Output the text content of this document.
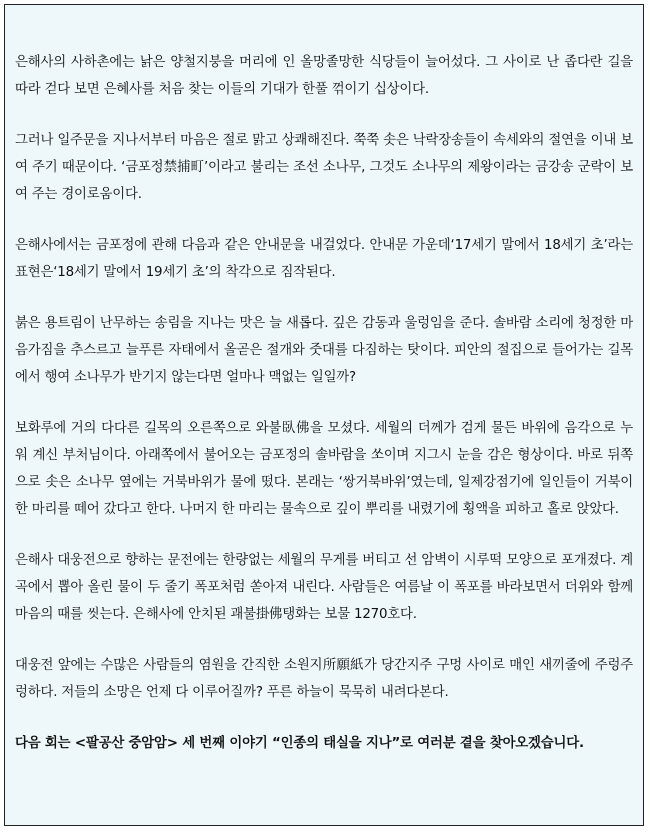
은해사의 사하촌에는 낡은 양철지붕을 머리에 인 올망졸망한 식당들이 늘어섰다. 그 사이로 난 좁다란 길을 따라 걷다 보면 은혜사를 처음 찾는 이들의 기대가 한풀 꺾이기 십상이다.

그러나 일주문을 지나서부터 마음은 절로 맑고 상쾌해진다. 쭉쭉 솟은 낙락장송들이 속세와의 절연을 이내 보여 주기 때문이다. ‘금포정禁捕町’이라고 불리는 조선 소나무, 그것도 소나무의 제왕이라는 금강송 군락이 보여 주는 경이로움이다.

은해사에서는 금포정에 관해 다음과 같은 안내문을 내걸었다. 안내문 가운데‘17세기 말에서 18세기 초’라는 표현은‘18세기 말에서 19세기 초’의 착각으로 짐작된다.

붉은 용트림이 난무하는 송림을 지나는 맛은 늘 새롭다. 깊은 감동과 울렁임을 준다. 솔바람 소리에 청정한 마음가짐을 추스르고 늘푸른 자태에서 올곧은 절개와 줏대를 다짐하는 탓이다. 피안의 절집으로 들어가는 길목에서 행여 소나무가 반기지 않는다면 얼마나 맥없는 일일까?

보화루에 거의 다다른 길목의 오른쪽으로 와불臥佛을 모셨다. 세월의 더께가 검게 물든 바위에 음각으로 누워 계신 부처님이다. 아래쪽에서 불어오는 금포정의 솔바람을 쏘이며 지그시 눈을 감은 형상이다. 바로 뒤쪽으로 솟은 소나무 옆에는 거북바위가 물에 떴다. 본래는 ‘쌍거북바위’였는데, 일제강점기에 일인들이 거북이 한 마리를 떼어 갔다고 한다. 나머지 한 마리는 물속으로 깊이 뿌리를 내렸기에 횡액을 피하고 홀로 앉았다.

은해사 대웅전으로 향하는 문전에는 한량없는 세월의 무게를 버티고 선 암벽이 시루떡 모양으로 포개졌다. 계곡에서 뽑아 올린 물이 두 줄기 폭포처럼 쏟아져 내린다. 사람들은 여름날 이 폭포를 바라보면서 더위와 함께 마음의 때를 씻는다. 은해사에 안치된 괘불掛佛탱화는 보물 1270호다.

대웅전 앞에는 수많은 사람들의 염원을 간직한 소원지所願紙가 당간지주 구멍 사이로 매인 새끼줄에 주렁주렁하다. 저들의 소망은 언제 다 이루어질까? 푸른 하늘이 묵묵히 내려다본다.

다음 회는 <팔공산 중암암> 세 번째 이야기 “인종의 태실을 지나”로 여러분 곁을 찾아오겠습니다.
